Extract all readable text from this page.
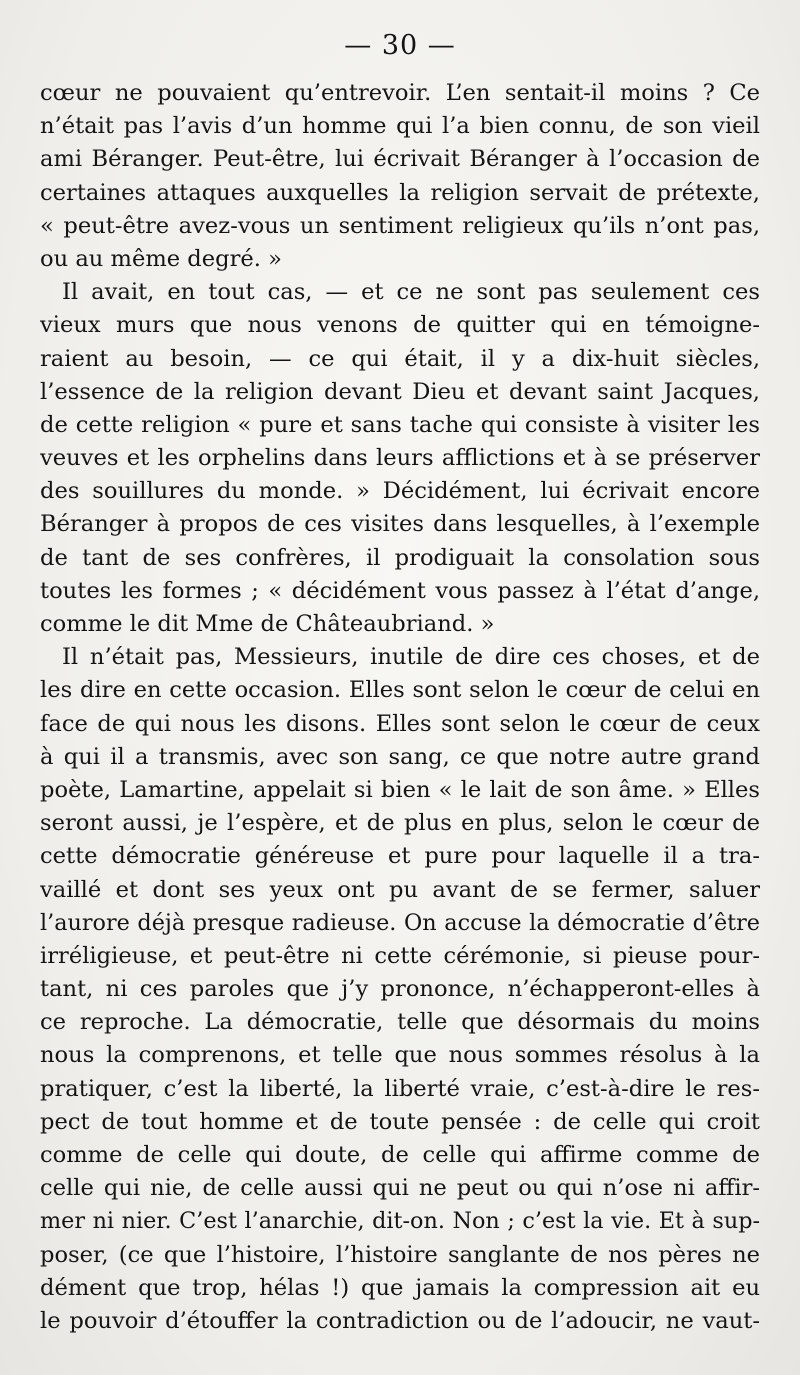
— 30 —
cœur ne pouvaient qu’entrevoir. L’en sentait-il moins ? Ce
n’était pas l’avis d’un homme qui l’a bien connu, de son vieil
ami Béranger. Peut-être, lui écrivait Béranger à l’occasion de
certaines attaques auxquelles la religion servait de prétexte,
« peut-être avez-vous un sentiment religieux qu’ils n’ont pas,
ou au même degré. »
Il avait, en tout cas, — et ce ne sont pas seulement ces
vieux murs que nous venons de quitter qui en témoigne-
raient au besoin, — ce qui était, il y a dix-huit siècles,
l’essence de la religion devant Dieu et devant saint Jacques,
de cette religion « pure et sans tache qui consiste à visiter les
veuves et les orphelins dans leurs afflictions et à se préserver
des souillures du monde. » Décidément, lui écrivait encore
Béranger à propos de ces visites dans lesquelles, à l’exemple
de tant de ses confrères, il prodiguait la consolation sous
toutes les formes ; « décidément vous passez à l’état d’ange,
comme le dit Mme de Châteaubriand. »
Il n’était pas, Messieurs, inutile de dire ces choses, et de
les dire en cette occasion. Elles sont selon le cœur de celui en
face de qui nous les disons. Elles sont selon le cœur de ceux
à qui il a transmis, avec son sang, ce que notre autre grand
poète, Lamartine, appelait si bien « le lait de son âme. » Elles
seront aussi, je l’espère, et de plus en plus, selon le cœur de
cette démocratie généreuse et pure pour laquelle il a tra-
vaillé et dont ses yeux ont pu avant de se fermer, saluer
l’aurore déjà presque radieuse. On accuse la démocratie d’être
irréligieuse, et peut-être ni cette cérémonie, si pieuse pour-
tant, ni ces paroles que j’y prononce, n’échapperont-elles à
ce reproche. La démocratie, telle que désormais du moins
nous la comprenons, et telle que nous sommes résolus à la
pratiquer, c’est la liberté, la liberté vraie, c’est-à-dire le res-
pect de tout homme et de toute pensée : de celle qui croit
comme de celle qui doute, de celle qui affirme comme de
celle qui nie, de celle aussi qui ne peut ou qui n’ose ni affir-
mer ni nier. C’est l’anarchie, dit-on. Non ; c’est la vie. Et à sup-
poser, (ce que l’histoire, l’histoire sanglante de nos pères ne
dément que trop, hélas !) que jamais la compression ait eu
le pouvoir d’étouffer la contradiction ou de l’adoucir, ne vaut-
